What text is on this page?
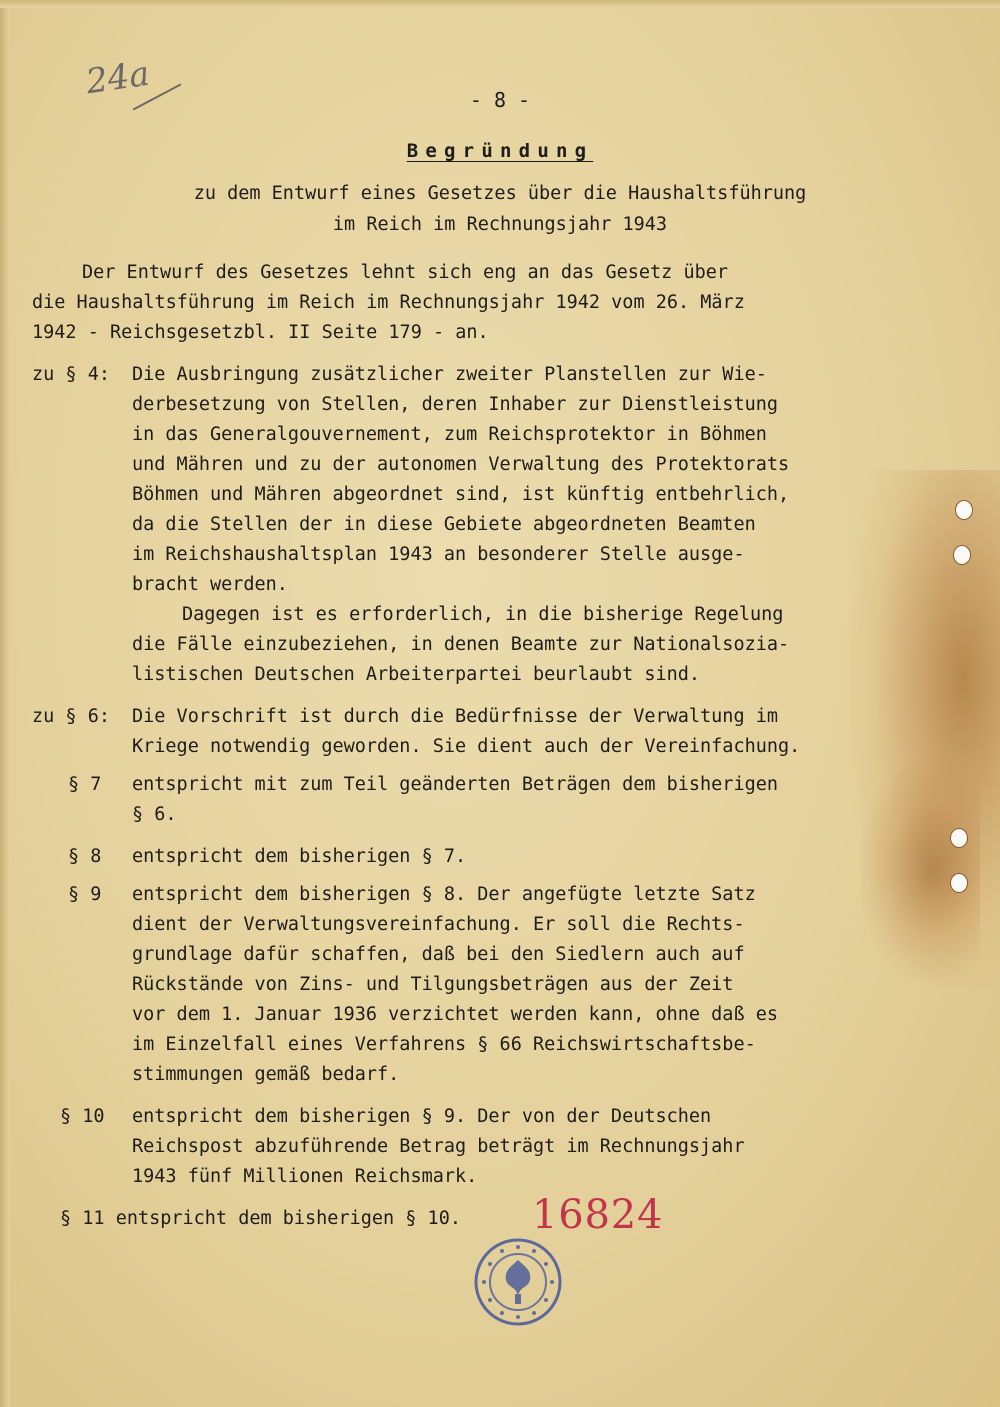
24a	- 8 -
Begründung
zu dem Entwurf eines Gesetzes über die Haushaltsführung
im Reich im Rechnungsjahr 1943
Der Entwurf des Gesetzes lehnt sich eng an das Gesetz über
die Haushaltsführung im Reich im Rechnungsjahr 1942 vom 26. März
1942 - Reichsgesetzbl. II Seite 179 - an.
zu § 4: Die Ausbringung zusätzlicher zweiter Planstellen zur Wie-
derbesetzung von Stellen, deren Inhaber zur Dienstleistung
in das Generalgouvernement, zum Reichsprotektor in Böhmen
und Mähren und zu der autonomen Verwaltung des Protektorats
Böhmen und Mähren abgeordnet sind, ist künftig entbehrlich,
da die Stellen der in diese Gebiete abgeordneten Beamten
im Reichshaushaltsplan 1943 an besonderer Stelle ausge-
bracht werden.
Dagegen ist es erforderlich, in die bisherige Regelung
die Fälle einzubeziehen, in denen Beamte zur Nationalsozia-
listischen Deutschen Arbeiterpartei beurlaubt sind.
zu § 6: Die Vorschrift ist durch die Bedürfnisse der Verwaltung im
Kriege notwendig geworden. Sie dient auch der Vereinfachung.
§ 7 entspricht mit zum Teil geänderten Beträgen dem bisherigen
§ 6.
§ 8 entspricht dem bisherigen § 7.
§ 9 entspricht dem bisherigen § 8. Der angefügte letzte Satz
dient der Verwaltungsvereinfachung. Er soll die Rechts-
grundlage dafür schaffen, daß bei den Siedlern auch auf
Rückstände von Zins- und Tilgungsbeträgen aus der Zeit
vor dem 1. Januar 1936 verzichtet werden kann, ohne daß es
im Einzelfall eines Verfahrens § 66 Reichswirtschaftsbe-
stimmungen gemäß bedarf.
§ 10 entspricht dem bisherigen § 9. Der von der Deutschen
Reichspost abzuführende Betrag beträgt im Rechnungsjahr
1943 fünf Millionen Reichsmark.
§ 11 entspricht dem bisherigen § 10. 16824
